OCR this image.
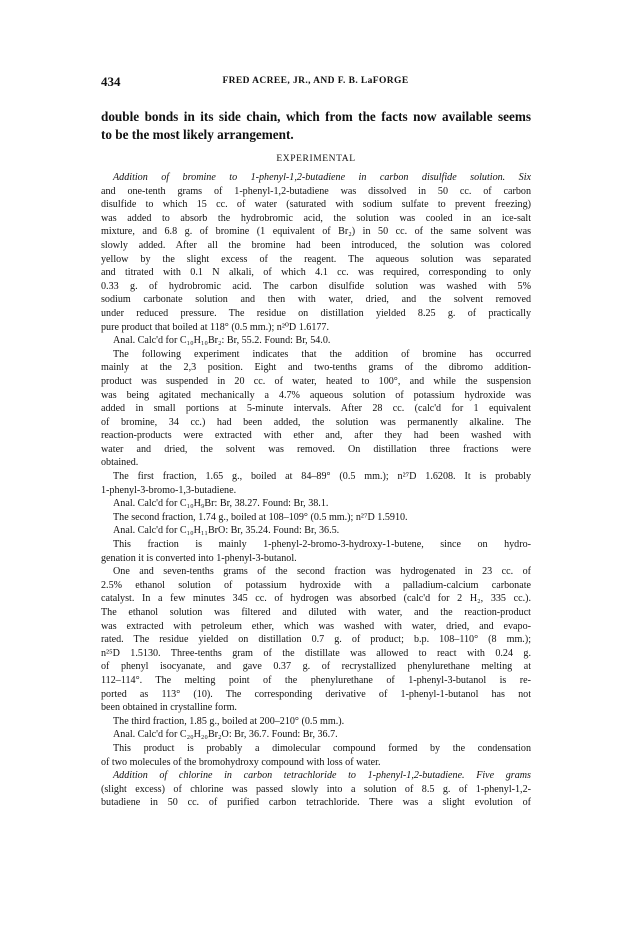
434	FRED ACREE, JR., AND F. B. LaFORGE
double bonds in its side chain, which from the facts now available seems
to be the most likely arrangement.
EXPERIMENTAL
Addition of bromine to 1-phenyl-1,2-butadiene in carbon disulfide solution. Six
and one-tenth grams of 1-phenyl-1,2-butadiene was dissolved in 50 cc. of carbon
disulfide to which 15 cc. of water (saturated with sodium sulfate to prevent freezing)
was added to absorb the hydrobromic acid, the solution was cooled in an ice-salt
mixture, and 6.8 g. of bromine (1 equivalent of Br₂) in 50 cc. of the same solvent was
slowly added. After all the bromine had been introduced, the solution was colored
yellow by the slight excess of the reagent. The aqueous solution was separated
and titrated with 0.1 N alkali, of which 4.1 cc. was required, corresponding to only
0.33 g. of hydrobromic acid. The carbon disulfide solution was washed with 5%
sodium carbonate solution and then with water, dried, and the solvent removed
under reduced pressure. The residue on distillation yielded 8.25 g. of practically
pure product that boiled at 118° (0.5 mm.); n²⁰D 1.6177.
Anal. Calc'd for C₁₀H₁₀Br₂: Br, 55.2. Found: Br, 54.0.
The following experiment indicates that the addition of bromine has occurred
mainly at the 2,3 position. Eight and two-tenths grams of the dibromo addition-
product was suspended in 20 cc. of water, heated to 100°, and while the suspension
was being agitated mechanically a 4.7% aqueous solution of potassium hydroxide was
added in small portions at 5-minute intervals. After 28 cc. (calc'd for 1 equivalent
of bromine, 34 cc.) had been added, the solution was permanently alkaline. The
reaction-products were extracted with ether and, after they had been washed with
water and dried, the solvent was removed. On distillation three fractions were
obtained.
The first fraction, 1.65 g., boiled at 84–89° (0.5 mm.); n²⁷D 1.6208. It is probably
1-phenyl-3-bromo-1,3-butadiene.
Anal. Calc'd for C₁₀H₉Br: Br, 38.27. Found: Br, 38.1.
The second fraction, 1.74 g., boiled at 108–109° (0.5 mm.); n²⁷D 1.5910.
Anal. Calc'd for C₁₀H₁₁BrO: Br, 35.24. Found: Br, 36.5.
This fraction is mainly 1-phenyl-2-bromo-3-hydroxy-1-butene, since on hydro-
genation it is converted into 1-phenyl-3-butanol.
One and seven-tenths grams of the second fraction was hydrogenated in 23 cc. of
2.5% ethanol solution of potassium hydroxide with a palladium-calcium carbonate
catalyst. In a few minutes 345 cc. of hydrogen was absorbed (calc'd for 2 H₂, 335 cc.).
The ethanol solution was filtered and diluted with water, and the reaction-product
was extracted with petroleum ether, which was washed with water, dried, and evapo-
rated. The residue yielded on distillation 0.7 g. of product; b.p. 108–110° (8 mm.);
n²⁵D 1.5130. Three-tenths gram of the distillate was allowed to react with 0.24 g.
of phenyl isocyanate, and gave 0.37 g. of recrystallized phenylurethane melting at
112–114°. The melting point of the phenylurethane of 1-phenyl-3-butanol is re-
ported as 113° (10). The corresponding derivative of 1-phenyl-1-butanol has not
been obtained in crystalline form.
The third fraction, 1.85 g., boiled at 200–210° (0.5 mm.).
Anal. Calc'd for C₂₀H₂₀Br₂O: Br, 36.7. Found: Br, 36.7.
This product is probably a dimolecular compound formed by the condensation
of two molecules of the bromohydroxy compound with loss of water.
Addition of chlorine in carbon tetrachloride to 1-phenyl-1,2-butadiene. Five grams
(slight excess) of chlorine was passed slowly into a solution of 8.5 g. of 1-phenyl-1,2-
butadiene in 50 cc. of purified carbon tetrachloride. There was a slight evolution of
